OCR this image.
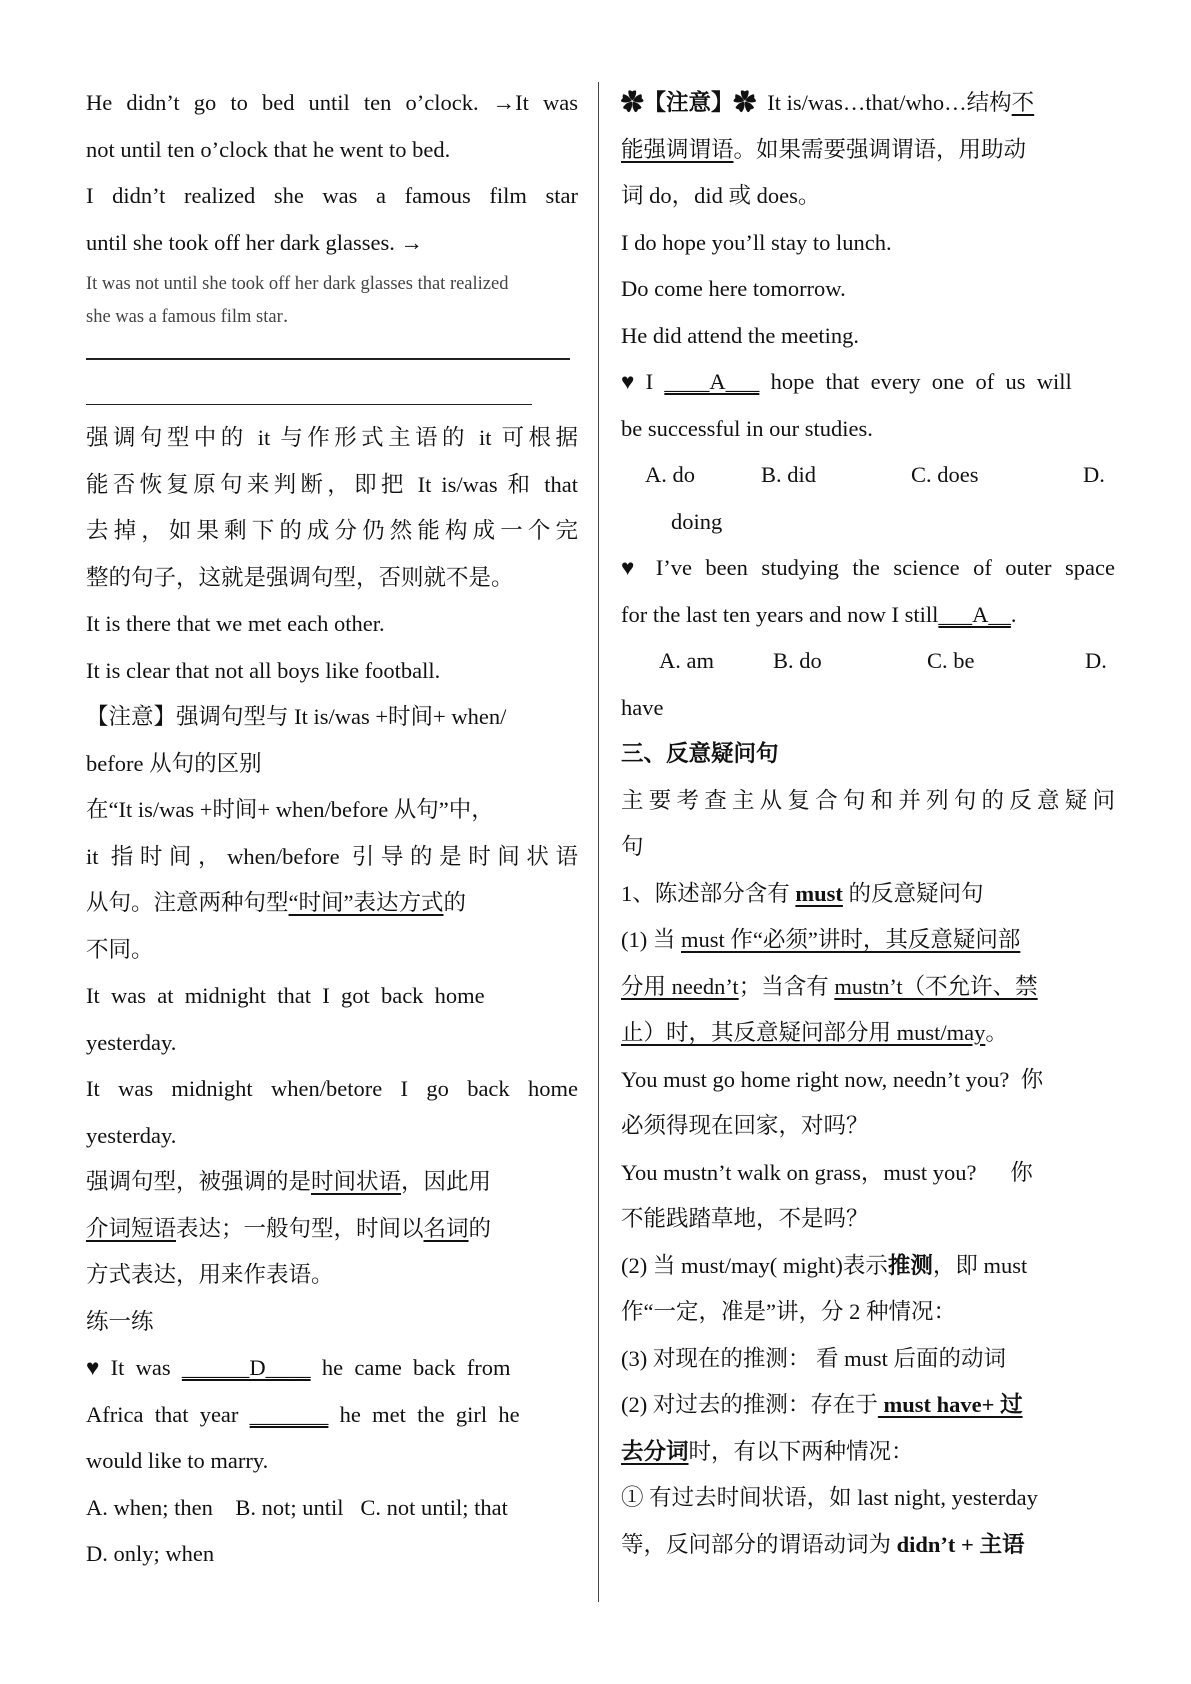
He didn’t go to bed until ten o’clock. →It was

not until ten o’clock that he went to bed.

I didn’t realized she was a famous film star

until she took off her dark glasses. →

It was not until she took off her dark glasses that realized

she was a famous film star．

强调句型中的 it 与作形式主语的 it 可根据

能否恢复原句来判断，即把 It is/was 和 that

去掉，如果剩下的成分仍然能构成一个完

整的句子，这就是强调句型，否则就不是。

It is there that we met each other.

It is clear that not all boys like football.

【注意】强调句型与 It is/was +时间+ when/

before 从句的区别

在“It is/was +时间+ when/before 从句”中，

it 指时间，when/before 引导的是时间状语

从句。注意两种句型“时间”表达方式的

不同。

It  was  at  midnight  that  I  got  back  home

yesterday.

It was midnight when/betore I go back home

yesterday.

强调句型，被强调的是时间状语，因此用

介词短语表达；一般句型，时间以名词的

方式表达，用来作表语。

练一练

♥  It  was  ______D____  he  came  back  from

Africa  that  year  _______  he  met  the  girl  he

would like to marry.

A. when; then    B. not; until   C. not until; that

D. only; when

✿【注意】✿  It is/was…that/who…结构不

能强调谓语。如果需要强调谓语，用助动

词 do，did 或 does。

I do hope you’ll stay to lunch.

Do come here tomorrow.

He did attend the meeting.

♥  I  ____A___  hope  that  every  one  of  us  will

be successful in our studies.

A. do	B. did	C. does	D.

doing

♥ I’ve been studying the science of outer space

for the last ten years and now I still___A__.

A. am	B. do	C. be	D.

have

三、反意疑问句

主要考查主从复合句和并列句的反意疑问

句

1、陈述部分含有 must 的反意疑问句

(1) 当 must 作“必须”讲时，其反意疑问部

分用 needn’t；当含有 mustn’t（不允许、禁

止）时，其反意疑问部分用 must/may。

You must go home right now, needn’t you?  你

必须得现在回家，对吗？

You mustn’t walk on grass，must you?      你

不能践踏草地，不是吗？

(2) 当 must/may( might)表示推测，即 must

作“一定，准是”讲，分 2 种情况：

(3) 对现在的推测： 看 must 后面的动词

(2) 对过去的推测：存在于 must have+ 过

去分词时，有以下两种情况：

① 有过去时间状语，如 last night, yesterday

等，反问部分的谓语动词为 didn’t + 主语
